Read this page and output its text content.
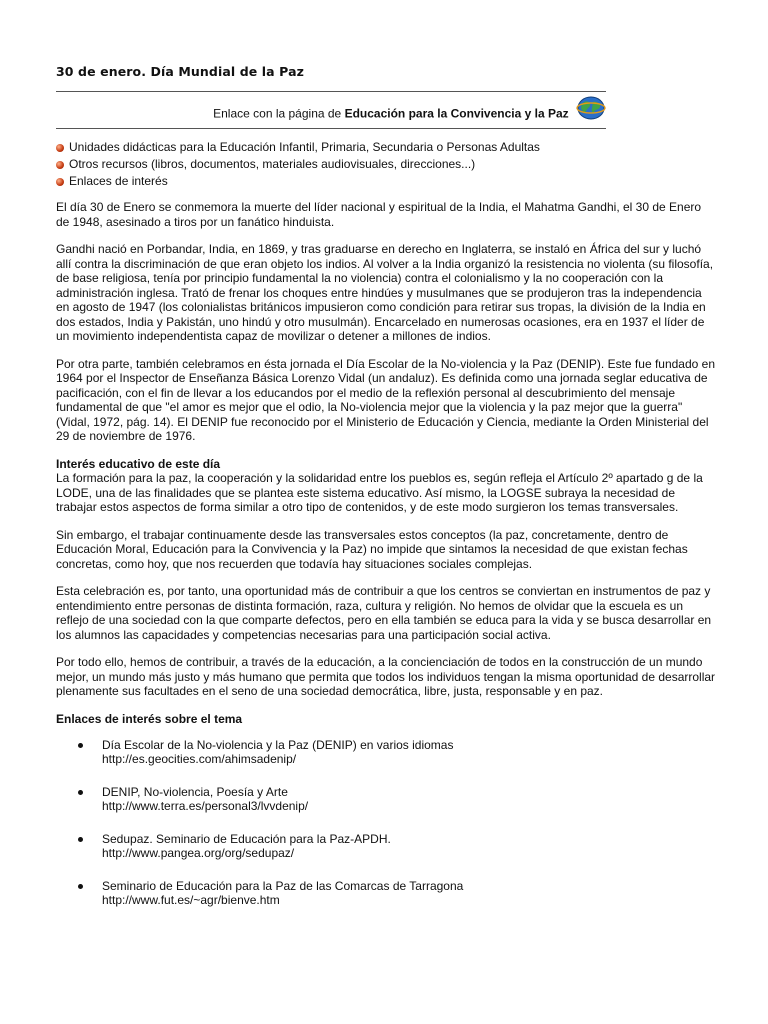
30 de enero. Día Mundial de la Paz
Enlace con la página de Educación para la Convivencia y la Paz
Unidades didácticas para la Educación Infantil, Primaria, Secundaria o Personas Adultas
Otros recursos (libros, documentos, materiales audiovisuales, direcciones...)
Enlaces de interés

El día 30 de Enero se conmemora la muerte del líder nacional y espiritual de la India, el Mahatma Gandhi, el 30 de Enero de 1948, asesinado a tiros por un fanático hinduista.

Gandhi nació en Porbandar, India, en 1869, y tras graduarse en derecho en Inglaterra, se instaló en África del sur y luchó allí contra la discriminación de que eran objeto los indios. Al volver a la India organizó la resistencia no violenta (su filosofía, de base religiosa, tenía por principio fundamental la no violencia) contra el colonialismo y la no cooperación con la administración inglesa. Trató de frenar los choques entre hindúes y musulmanes que se produjeron tras la independencia en agosto de 1947 (los colonialistas británicos impusieron como condición para retirar sus tropas, la división de la India en dos estados, India y Pakistán, uno hindú y otro musulmán). Encarcelado en numerosas ocasiones, era en 1937 el líder de un movimiento independentista capaz de movilizar o detener a millones de indios.

Por otra parte, también celebramos en ésta jornada el Día Escolar de la No-violencia y la Paz (DENIP). Este fue fundado en 1964 por el Inspector de Enseñanza Básica Lorenzo Vidal (un andaluz). Es definida como una jornada seglar educativa de pacificación, con el fin de llevar a los educandos por el medio de la reflexión personal al descubrimiento del mensaje fundamental de que "el amor es mejor que el odio, la No-violencia mejor que la violencia y la paz mejor que la guerra" (Vidal, 1972, pág. 14). El DENIP fue reconocido por el Ministerio de Educación y Ciencia, mediante la Orden Ministerial del 29 de noviembre de 1976.

Interés educativo de este día
La formación para la paz, la cooperación y la solidaridad entre los pueblos es, según refleja el Artículo 2º apartado g de la LODE, una de las finalidades que se plantea este sistema educativo. Así mismo, la LOGSE subraya la necesidad de trabajar estos aspectos de forma similar a otro tipo de contenidos, y de este modo surgieron los temas transversales.

Sin embargo, el trabajar continuamente desde las transversales estos conceptos (la paz, concretamente, dentro de Educación Moral, Educación para la Convivencia y la Paz) no impide que sintamos la necesidad de que existan fechas concretas, como hoy, que nos recuerden que todavía hay situaciones sociales complejas.

Esta celebración es, por tanto, una oportunidad más de contribuir a que los centros se conviertan en instrumentos de paz y entendimiento entre personas de distinta formación, raza, cultura y religión. No hemos de olvidar que la escuela es un reflejo de una sociedad con la que comparte defectos, pero en ella también se educa para la vida y se busca desarrollar en los alumnos las capacidades y competencias necesarias para una participación social activa.

Por todo ello, hemos de contribuir, a través de la educación, a la concienciación de todos en la construcción de un mundo mejor, un mundo más justo y más humano que permita que todos los individuos tengan la misma oportunidad de desarrollar plenamente sus facultades en el seno de una sociedad democrática, libre, justa, responsable y en paz.

Enlaces de interés sobre el tema
Día Escolar de la No-violencia y la Paz (DENIP) en varios idiomas
http://es.geocities.com/ahimsadenip/
DENIP, No-violencia, Poesía y Arte
http://www.terra.es/personal3/lvvdenip/
Sedupaz. Seminario de Educación para la Paz-APDH.
http://www.pangea.org/org/sedupaz/
Seminario de Educación para la Paz de las Comarcas de Tarragona
http://www.fut.es/~agr/bienve.htm
